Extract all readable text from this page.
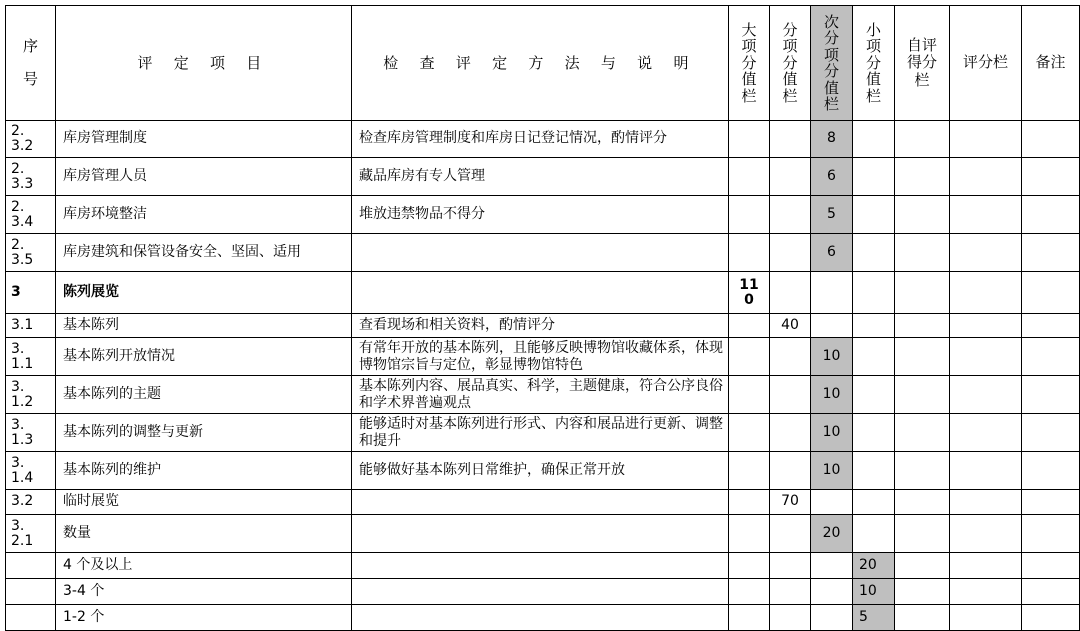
序号	评 定 项 目	检 查 评 定 方 法 与 说 明	大项分值栏	分项分值栏	次分项分值栏	小项分值栏	自评得分栏	评分栏	备注

2.3.2	库房管理制度	检查库房管理制度和库房日记登记情况，酌情评分			8				

2.3.3	库房管理人员	藏品库房有专人管理			6				

2.3.4	库房环境整洁	堆放违禁物品不得分			5				

2.3.5	库房建筑和保管设备安全、坚固、适用				6				
3	陈列展览		110						

3.1	基本陈列	查看现场和相关资料，酌情评分		40					

3.1.1	基本陈列开放情况	有常年开放的基本陈列，且能够反映博物馆收藏体系，体现博物馆宗旨与定位，彰显博物馆特色			10				

3.1.2	基本陈列的主题	基本陈列内容、展品真实、科学，主题健康，符合公序良俗和学术界普遍观点			10				

3.1.3	基本陈列的调整与更新	能够适时对基本陈列进行形式、内容和展品进行更新、调整和提升			10				

3.1.4	基本陈列的维护	能够做好基本陈列日常维护，确保正常开放			10				
3.2	临时展览			70					

3.2.1	数量				20				
	4 个及以上					20			
	3-4 个					10			
	1-2 个					5			
